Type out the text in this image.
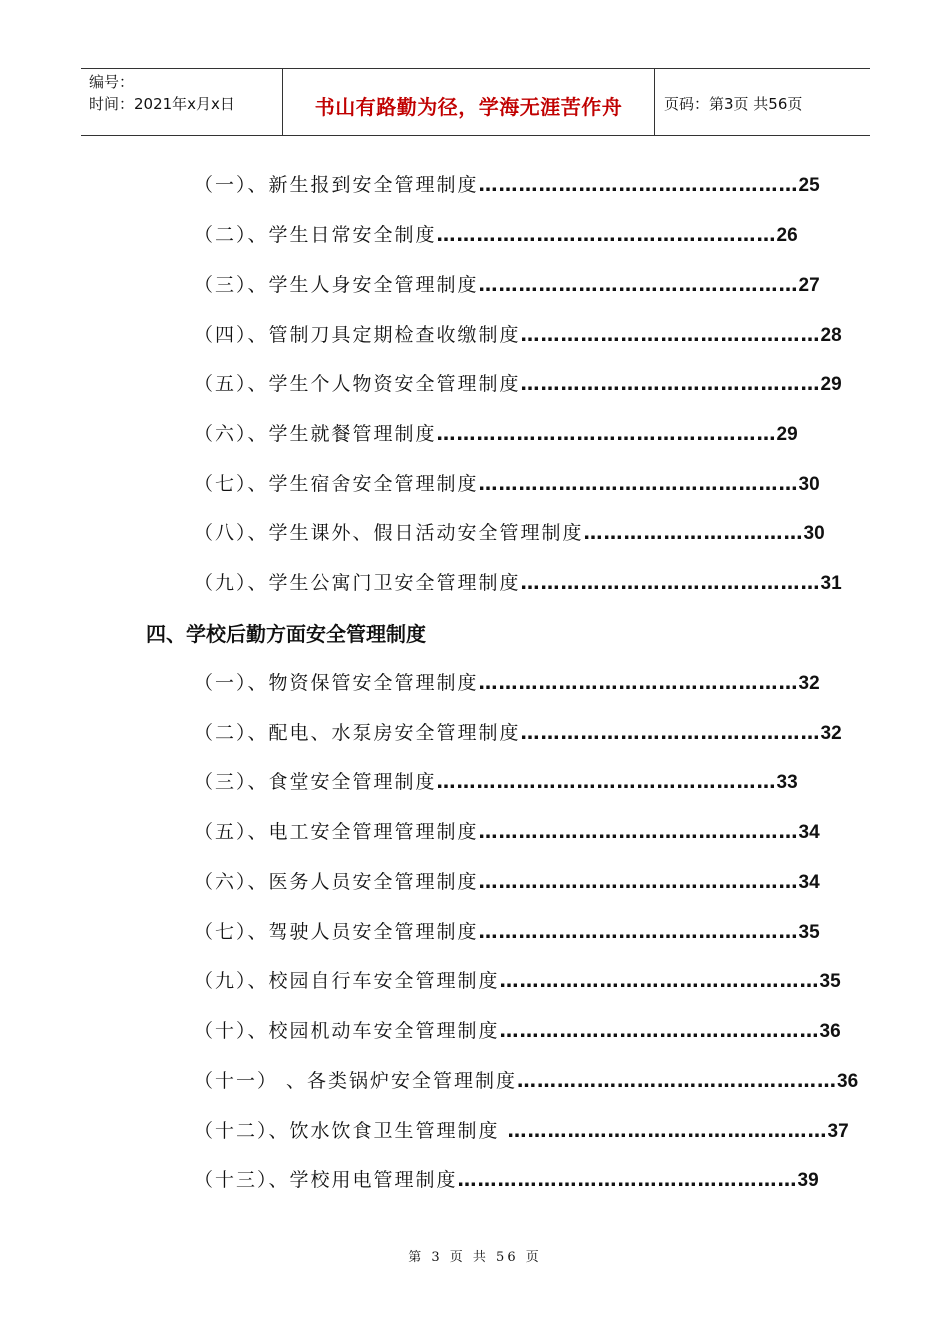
编号：
时间：2021年x月x日	书山有路勤为径，学海无涯苦作舟	页码：第3页 共56页
（一）、新生报到安全管理制度…………………………………………25
（二）、学生日常安全制度……………………………………………26
（三）、学生人身安全管理制度…………………………………………27
（四）、管制刀具定期检查收缴制度………………………………………28
（五）、学生个人物资安全管理制度………………………………………29
（六）、学生就餐管理制度……………………………………………29
（七）、学生宿舍安全管理制度…………………………………………30
（八）、学生课外、假日活动安全管理制度……………………………30
（九）、学生公寓门卫安全管理制度………………………………………31
四、学校后勤方面安全管理制度
（一）、物资保管安全管理制度…………………………………………32
（二）、配电、水泵房安全管理制度………………………………………32
（三）、食堂安全管理制度……………………………………………33
（五）、电工安全管理管理制度…………………………………………34
（六）、医务人员安全管理制度…………………………………………34
（七）、驾驶人员安全管理制度…………………………………………35
（九）、校园自行车安全管理制度…………………………………………35
（十）、校园机动车安全管理制度…………………………………………36
（十一） 、各类锅炉安全管理制度…………………………………………36
（十二）、饮水饮食卫生管理制度 …………………………………………37
（十三）、学校用电管理制度……………………………………………39
第 3 页 共 56 页
